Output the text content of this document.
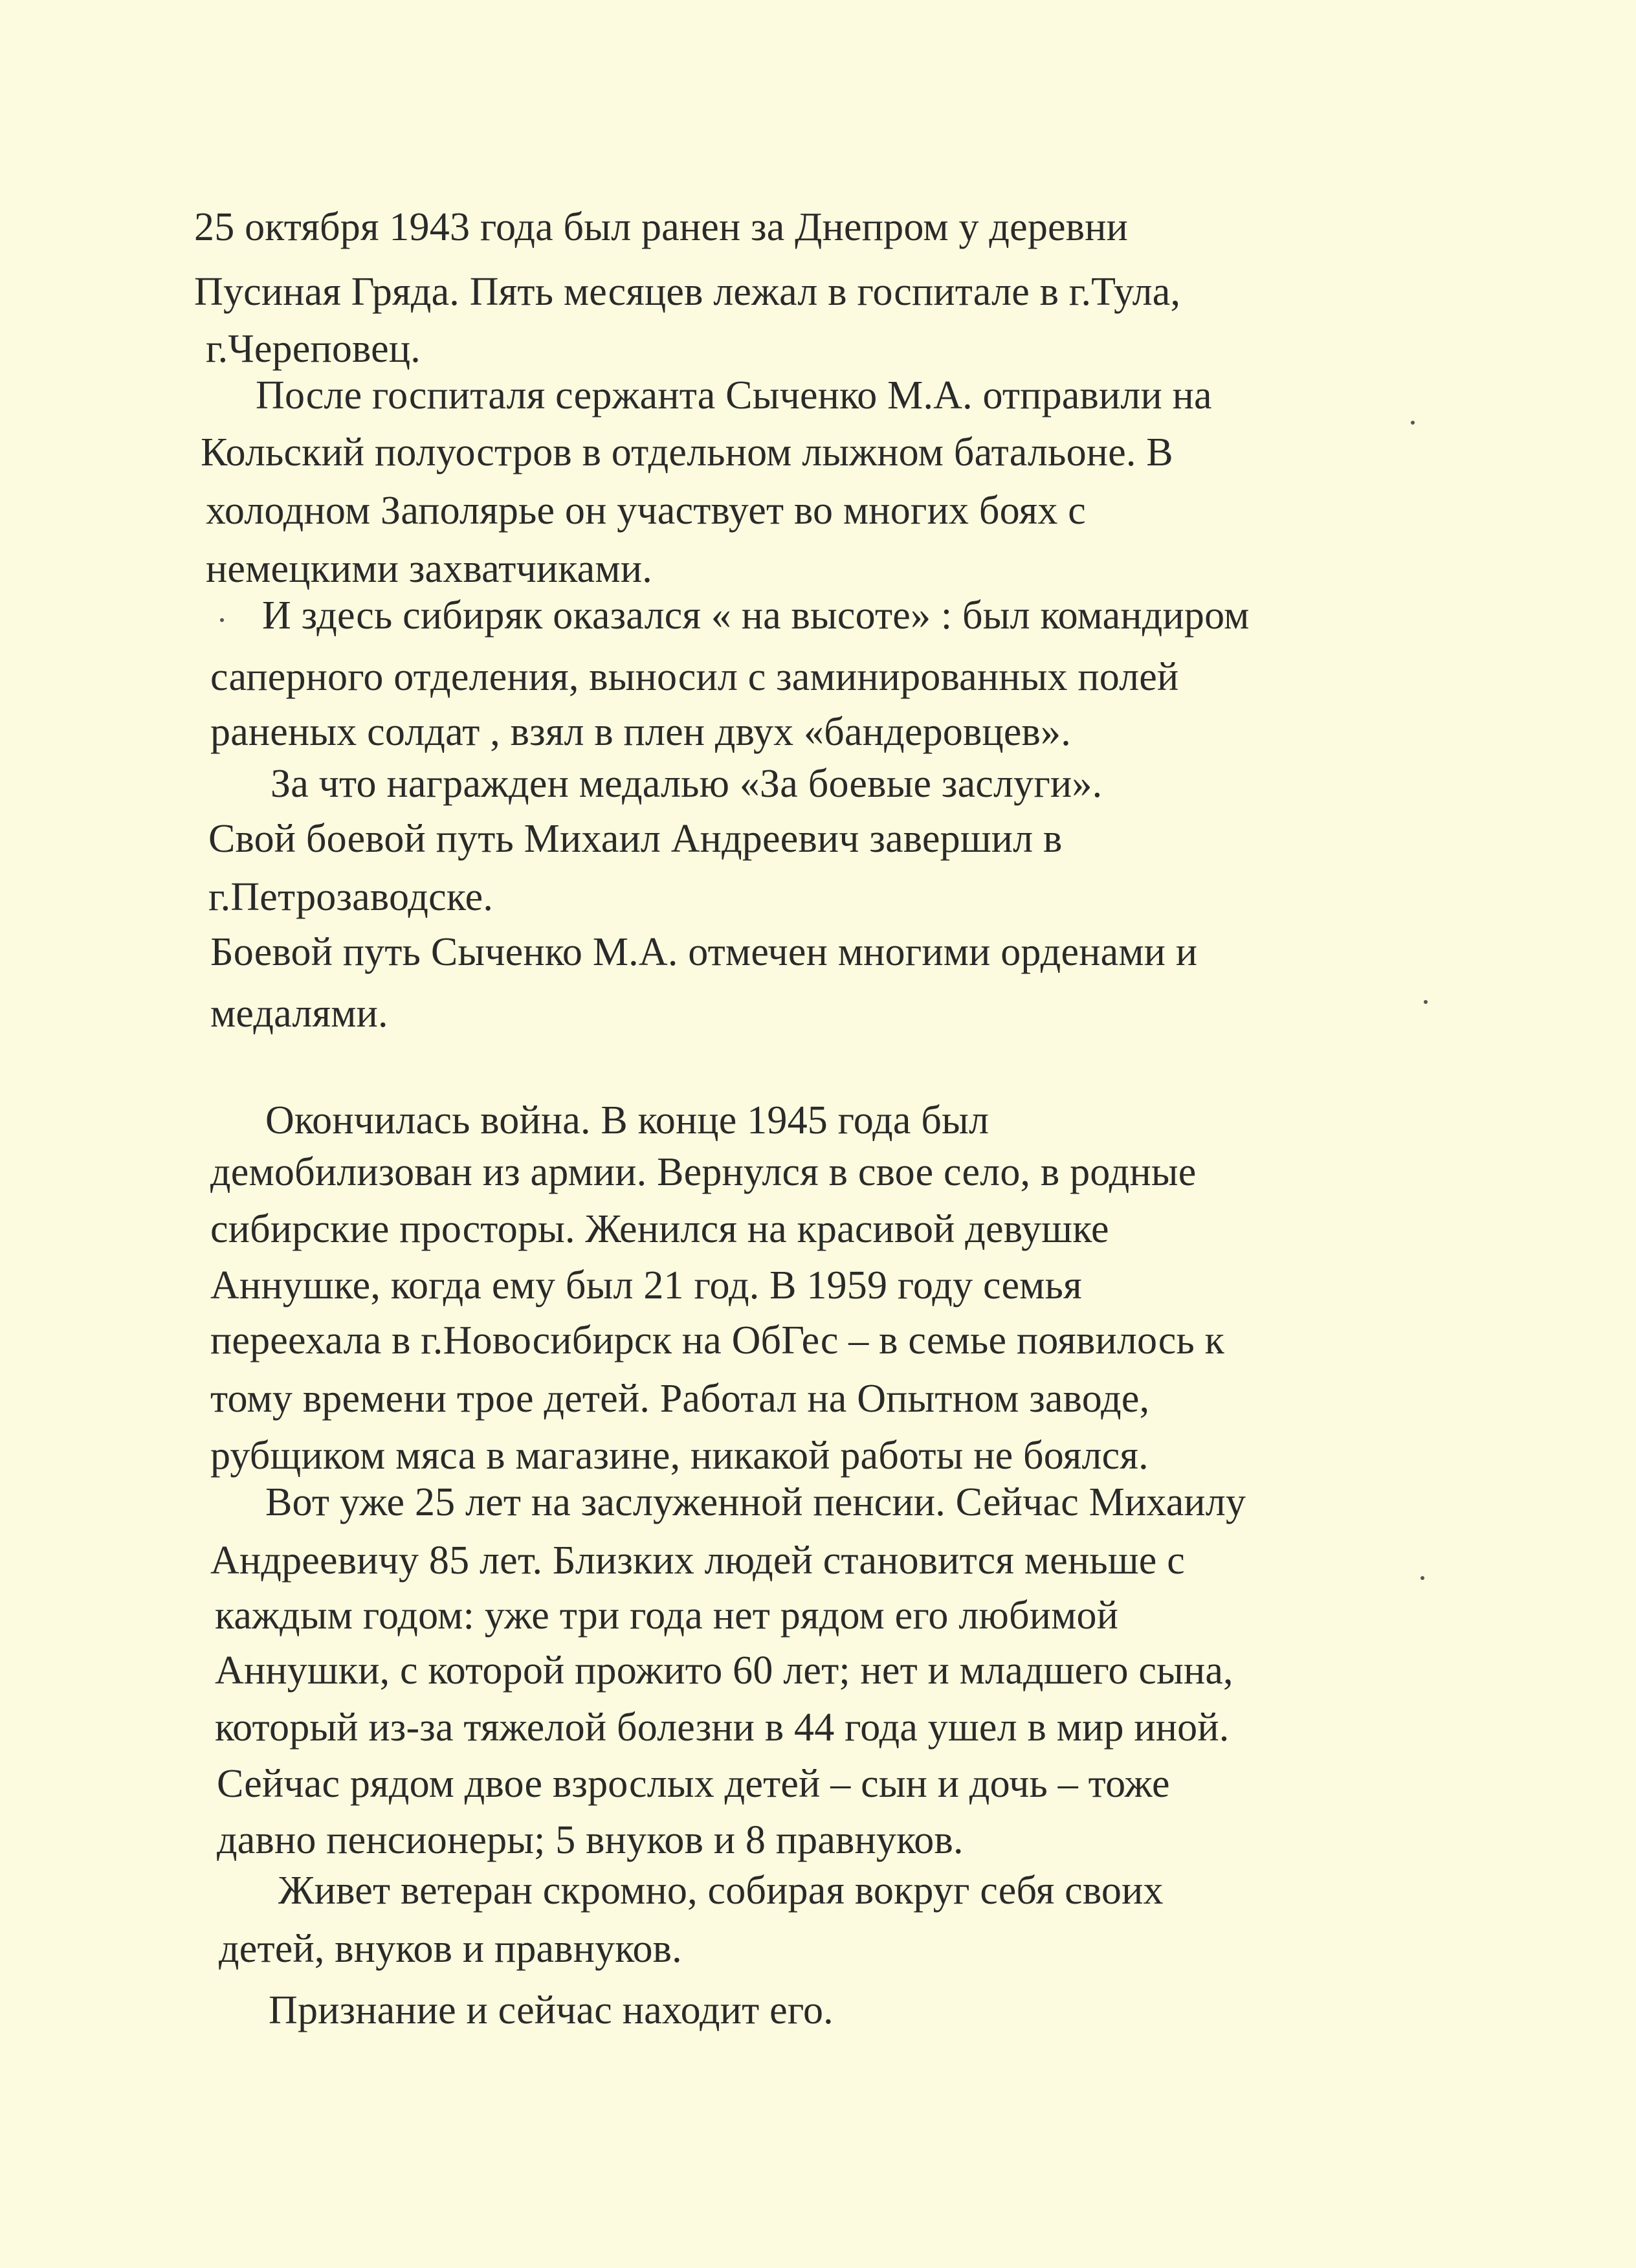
25 октября 1943 года был ранен за Днепром у деревни
Пусиная Гряда. Пять месяцев лежал в госпитале в г.Тула,
г.Череповец.
После госпиталя сержанта Сыченко М.А. отправили на
Кольский полуостров в отдельном лыжном батальоне. В
холодном Заполярье он участвует во многих боях с
немецкими захватчиками.
И здесь сибиряк оказался « на высоте» : был командиром
саперного отделения, выносил с заминированных полей
раненых солдат , взял в плен двух «бандеровцев».
За что награжден медалью «За боевые заслуги».
Свой боевой путь Михаил Андреевич завершил в
г.Петрозаводске.
Боевой путь Сыченко М.А. отмечен многими орденами и
медалями.
Окончилась война. В конце 1945 года был
демобилизован из армии. Вернулся в свое село, в родные
сибирские просторы. Женился на красивой девушке
Аннушке, когда ему был 21 год. В 1959 году семья
переехала в г.Новосибирск на ОбГес – в семье появилось к
тому времени трое детей. Работал на Опытном заводе,
рубщиком мяса в магазине, никакой работы не боялся.
Вот уже 25 лет на заслуженной пенсии. Сейчас Михаилу
Андреевичу 85 лет. Близких людей становится меньше с
каждым годом: уже три года нет рядом его любимой
Аннушки, с которой прожито 60 лет; нет и младшего сына,
который из-за тяжелой болезни в 44 года ушел в мир иной.
Сейчас рядом двое взрослых детей – сын и дочь – тоже
давно пенсионеры; 5 внуков и 8 правнуков.
Живет ветеран скромно, собирая вокруг себя своих
детей, внуков и правнуков.
Признание и сейчас находит его.
